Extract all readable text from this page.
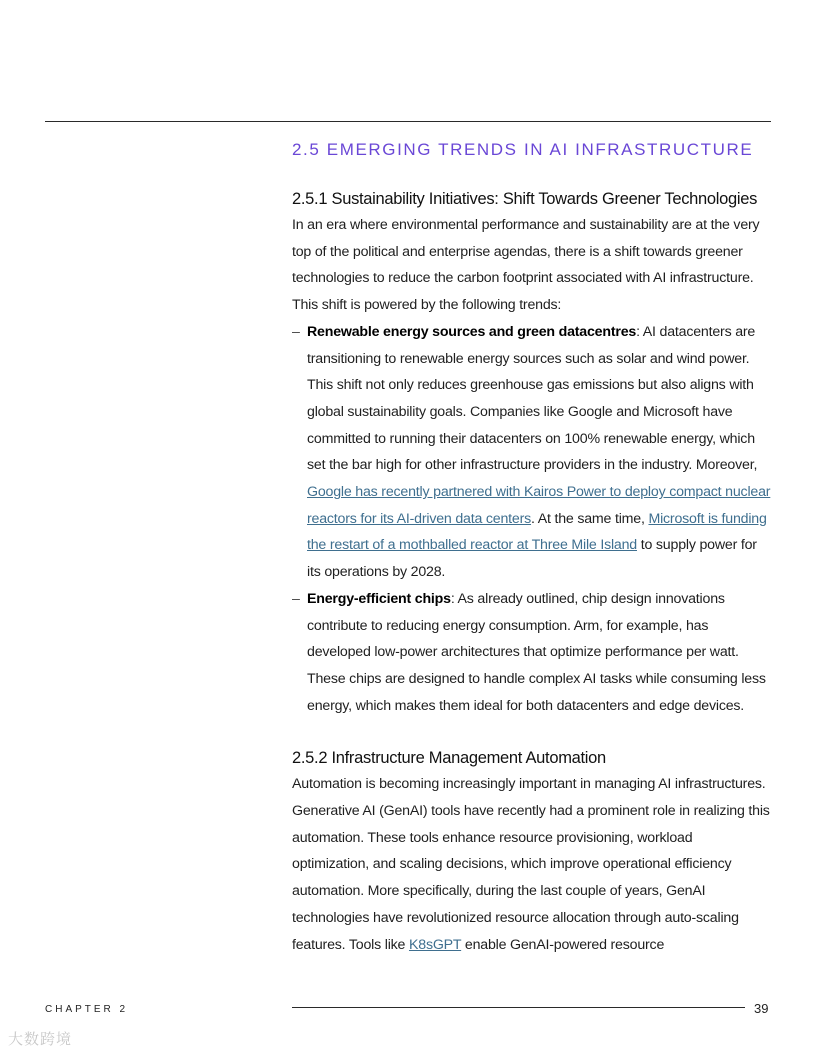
2.5 EMERGING TRENDS IN AI INFRASTRUCTURE
2.5.1 Sustainability Initiatives: Shift Towards Greener Technologies

In an era where environmental performance and sustainability are at the very top of the political and enterprise agendas, there is a shift towards greener technologies to reduce the carbon footprint associated with AI infrastructure. This shift is powered by the following trends:

– Renewable energy sources and green datacentres: AI datacenters are transitioning to renewable energy sources such as solar and wind power. This shift not only reduces greenhouse gas emissions but also aligns with global sustainability goals. Companies like Google and Microsoft have committed to running their datacenters on 100% renewable energy, which set the bar high for other infrastructure providers in the industry. Moreover, Google has recently partnered with Kairos Power to deploy compact nuclear reactors for its AI-driven data centers. At the same time, Microsoft is funding the restart of a mothballed reactor at Three Mile Island to supply power for its operations by 2028.
– Energy-efficient chips: As already outlined, chip design innovations contribute to reducing energy consumption. Arm, for example, has developed low-power architectures that optimize performance per watt. These chips are designed to handle complex AI tasks while consuming less energy, which makes them ideal for both datacenters and edge devices.
2.5.2 Infrastructure Management Automation

Automation is becoming increasingly important in managing AI infrastructures. Generative AI (GenAI) tools have recently had a prominent role in realizing this automation. These tools enhance resource provisioning, workload optimization, and scaling decisions, which improve operational efficiency automation. More specifically, during the last couple of years, GenAI technologies have revolutionized resource allocation through auto-scaling features. Tools like K8sGPT enable GenAI-powered resource

CHAPTER 2	39
大数跨境
